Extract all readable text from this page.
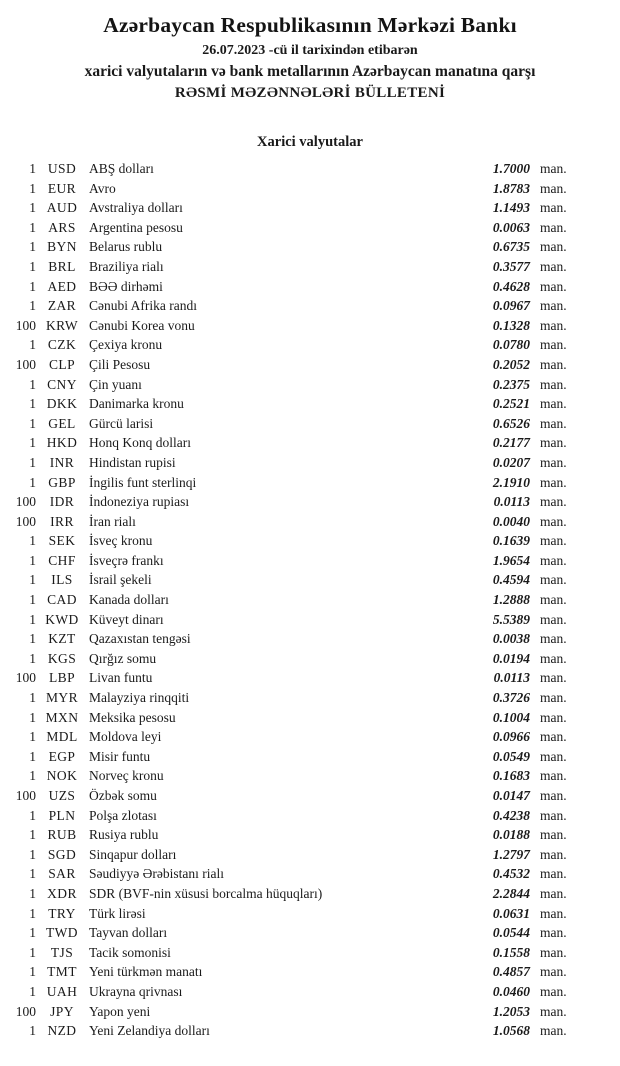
Azərbaycan Respublikasının Mərkəzi Bankı
26.07.2023 -cü il tarixindən etibarən
xarici valyutaların və bank metallarının Azərbaycan manatına qarşı
RƏSMİ MƏZƏNNƏLƏRİ BÜLLETENİ
Xarici valyutalar
1 USD ABŞ dolları	1.7000 man.
1 EUR Avro	1.8783 man.
1 AUD Avstraliya dolları	1.1493 man.
1 ARS Argentina pesosu	0.0063 man.
1 BYN Belarus rublu	0.6735 man.
1 BRL Braziliya rialı	0.3577 man.
1 AED BƏƏ dirhəmi	0.4628 man.
1 ZAR Cənubi Afrika randı	0.0967 man.
100 KRW Cənubi Korea vonu	0.1328 man.
1 CZK Çexiya kronu	0.0780 man.
100 CLP	Çili Pesosu	0.2052 man.
1 CNY Çin yuanı	0.2375 man.
1 DKK Danimarka kronu	0.2521 man.
1 GEL Gürcü larisi	0.6526 man.
1 HKD Honq Konq dolları	0.2177 man.
1	INR	Hindistan rupisi	0.0207 man.
1 GBP İngilis funt sterlinqi	2.1910 man.
100	IDR	İndoneziya rupiası	0.0113 man.
100	IRR	İran rialı	0.0040 man.
1 SEK	İsveç kronu	0.1639 man.
1 CHF İsveçrə frankı	1.9654 man.
1	ILS	İsrail şekeli	0.4594 man.
1 CAD Kanada dolları	1.2888 man.
1 KWD Küveyt dinarı	5.5389 man.
1 KZT Qazaxıstan tengəsi	0.0038 man.
1 KGS Qırğız somu	0.0194 man.
100 LBP	Livan funtu	0.0113 man.
1 MYR Malayziya rinqqiti	0.3726 man.
1 MXN Meksika pesosu	0.1004 man.
1 MDL Moldova leyi	0.0966 man.
1 EGP	Misir funtu	0.0549 man.
1 NOK Norveç kronu	0.1683 man.
100 UZS	Özbək somu	0.0147 man.
1 PLN	Polşa zlotası	0.4238 man.
1 RUB Rusiya rublu	0.0188 man.
1 SGD Sinqapur dolları	1.2797 man.
1 SAR Səudiyyə Ərəbistanı rialı	0.4532 man.
1 XDR SDR (BVF-nin xüsusi borcalma hüquqları)	2.2844 man.
1 TRY Türk lirəsi	0.0631 man.
1 TWD Tayvan dolları	0.0544 man.
1	TJS	Tacik somonisi	0.1558 man.
1 TMT Yeni türkmən manatı	0.4857 man.
1 UAH Ukrayna qrivnası	0.0460 man.
100	JPY	Yapon yeni	1.2053 man.
1 NZD Yeni Zelandiya dolları	1.0568 man.
